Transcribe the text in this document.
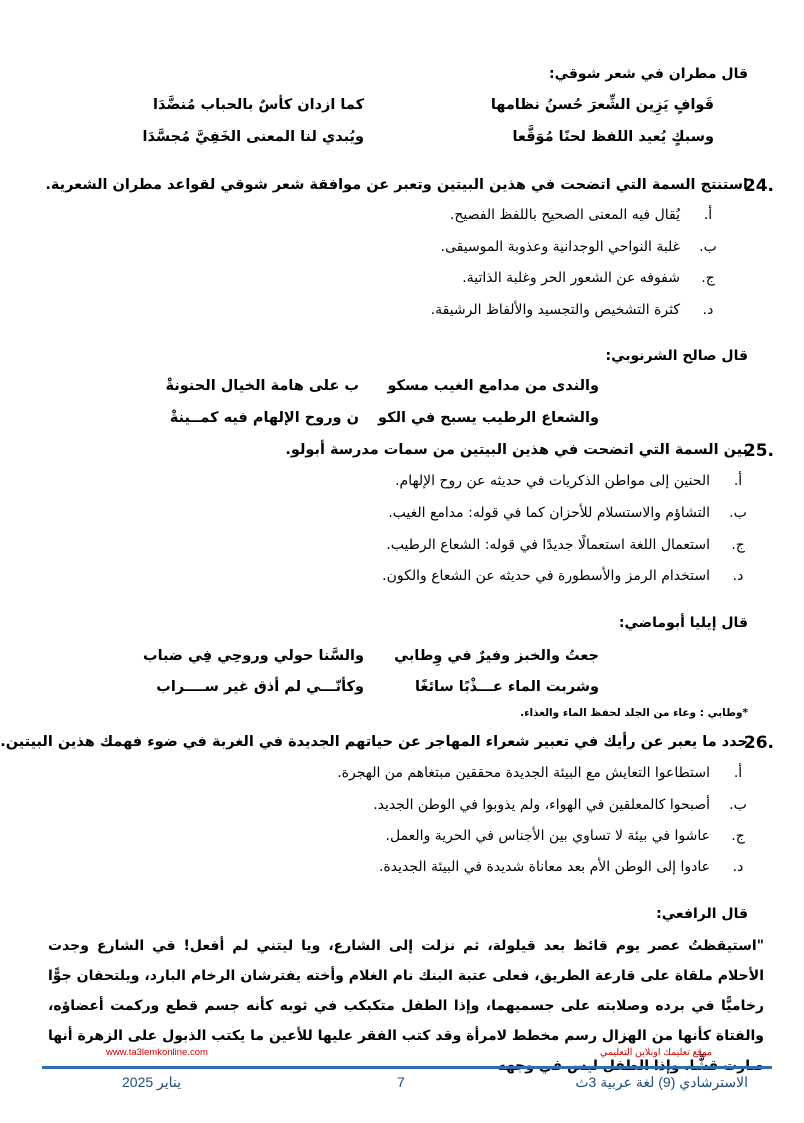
قال مطران في شعر شوقي:
قَوافٍ يَزِين الشِّعرَ حُسنُ نظامها
كما ازدان كأسٌ بالحباب مُنضَّدَا
وسبكٍ يُعيد اللفظ لحنًا مُوَقَّعا
ويُبدي لنا المعنى الخَفِيَّ مُجسَّدَا
24.
استنتج السمة التي اتضحت في هذين البيتين وتعبر عن موافقة شعر شوقي لقواعد مطران الشعرية.
أ.
يُقال فيه المعنى الصحيح باللفظ الفصيح.
ب.
غلبة النواحي الوجدانية وعذوبة الموسيقى.
ج.
شفوفه عن الشعور الحر وغلبة الذاتية.
د.
كثرة التشخيص والتجسيد والألفاظ الرشيقة.
قال صالح الشرنوبي:
والندى من مدامع الغيب مسكو
ب على هامة الخيال الحنونةْ
والشعاع الرطيب يسبح في الكو
ن وروح الإلهام فيه كمــينةْ
25.
بين السمة التي اتضحت في هذين البيتين من سمات مدرسة أبولو.
أ.
الحنين إلى مواطن الذكريات في حديثه عن روح الإلهام.
ب.
التشاؤم والاستسلام للأحزان كما في قوله: مدامع الغيب.
ج.
استعمال اللغة استعمالًا جديدًا في قوله: الشعاع الرطيب.
د.
استخدام الرمز والأسطورة في حديثه عن الشعاع والكون.
قال إيليا أبوماضي:
جعتُ والخبز وفيرٌ في وِطابي
والسَّنا حولي وروحِي فِي ضباب
وشربت الماء عـــذْبًا سائغًا
وكأنّـــي لم أذق غير ســــراب
*وطابي : وعاء من الجلد لحفظ الماء والغذاء.
26.
حدد ما يعبر عن رأيك في تعبير شعراء المهاجر عن حياتهم الجديدة في الغربة في ضوء فهمك هذين البيتين.
أ.
استطاعوا التعايش مع البيئة الجديدة محققين مبتغاهم من الهجرة.
ب.
أصبحوا كالمعلقين في الهواء، ولم يذوبوا في الوطن الجديد.
ج.
عاشوا في بيئة لا تساوي بين الأجناس في الحرية والعمل.
د.
عادوا إلى الوطن الأم بعد معاناة شديدة في البيئة الجديدة.
قال الرافعي:
"استيقظتُ عصر يوم قائظ بعد قيلولة، ثم نزلت إلى الشارع، ويا ليتني لم أفعل! في الشارع وجدت الأحلام ملقاة على قارعة الطريق، فعلى عتبة البنك نام الغلام وأخته يفترشان الرخام البارد، ويلتحفان جوًّا رخاميًّا في برده وصلابته على جسميهما، وإذا الطفل متكبكب في ثوبه كأنه جسم قطع وركمت أعضاؤه، والفتاة كأنها من الهزال رسم مخطط لامرأة وقد كتب الفقر عليها للأعين ما يكتب الذبول على الزهرة أنها
www.ta3lemkonline.com	موقع تعليمك اونلاين التعليمي
الاسترشادي (9) لغة عربية 3ث
7
يناير 2025
